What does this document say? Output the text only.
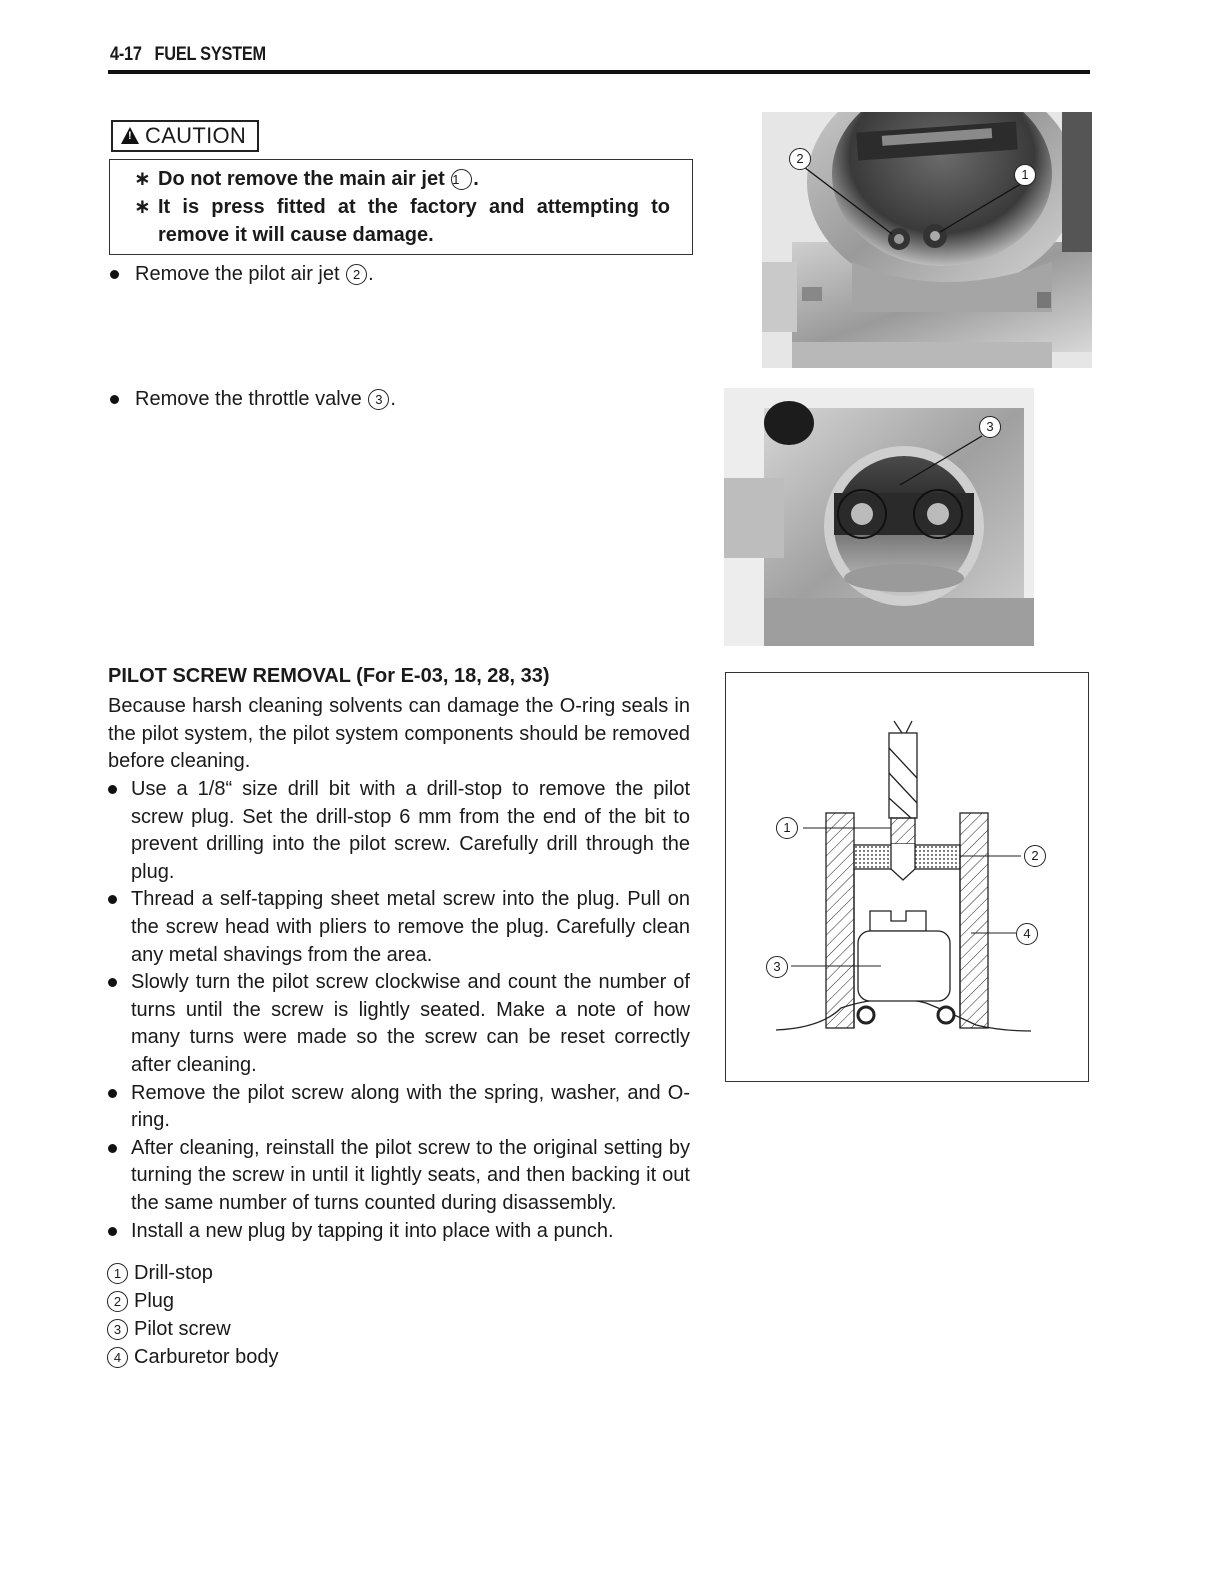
4-17 FUEL SYSTEM
!
CAUTION
∗ Do not remove the main air jet 1 .
∗ It is press fitted at the factory and attempting to remove it will cause damage.
Remove the pilot air jet 2 .
Remove the throttle valve 3 .
2
1
3
PILOT SCREW REMOVAL (For E-03, 18, 28, 33)
Because harsh cleaning solvents can damage the O-ring seals in the pilot system, the pilot system components should be removed before cleaning.
Use a 1/8“ size drill bit with a drill-stop to remove the pilot screw plug. Set the drill-stop 6 mm from the end of the bit to prevent drilling into the pilot screw. Carefully drill through the plug.
Thread a self-tapping sheet metal screw into the plug. Pull on the screw head with pliers to remove the plug. Carefully clean any metal shavings from the area.
Slowly turn the pilot screw clockwise and count the number of turns until the screw is lightly seated. Make a note of how many turns were made so the screw can be reset correctly after cleaning.
Remove the pilot screw along with the spring, washer, and O-ring.
After cleaning, reinstall the pilot screw to the original setting by turning the screw in until it lightly seats, and then backing it out the same number of turns counted during disassembly.
Install a new plug by tapping it into place with a punch.
1 Drill-stop
2 Plug
3 Pilot screw
4 Carburetor body
1
2
3
4
